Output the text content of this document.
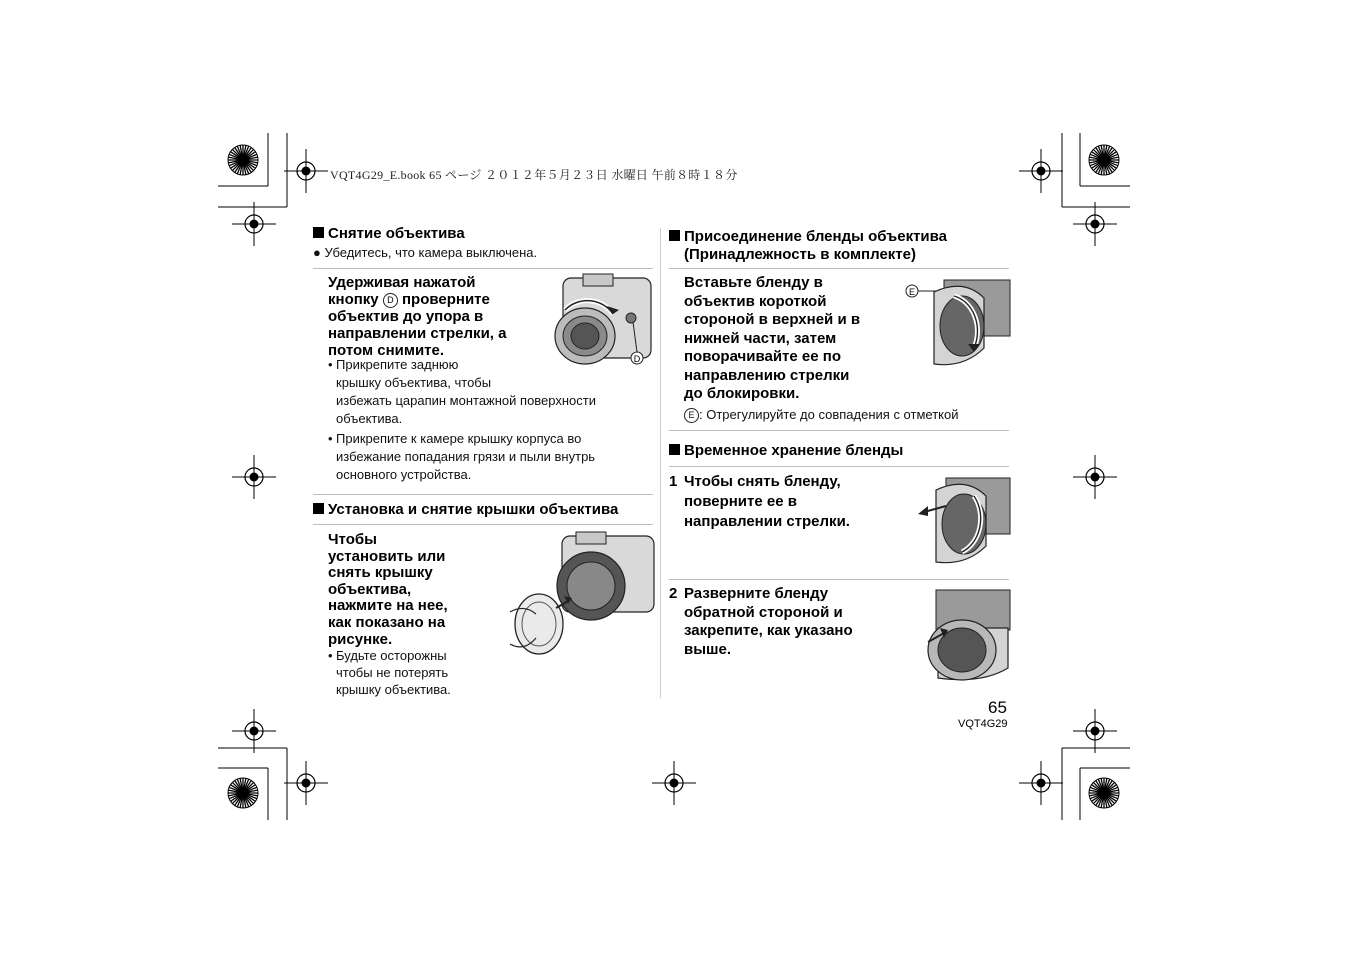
VQT4G29_E.book 65 ページ ２０１２年５月２３日 水曜日 午前８時１８分
Снятие объектива
● Убедитесь, что камера выключена.
Удерживая нажатой
кнопку D проверните
объектив до упора в
направлении стрелки, а
потом снимите.
• Прикрепите заднюю
крышку объектива, чтобы
избежать царапин монтажной поверхности
объектива.
• Прикрепите к камере крышку корпуса во
избежание попадания грязи и пыли внутрь
основного устройства.
D
Установка и снятие крышки объектива
Чтобы
установить или
снять крышку
объектива,
нажмите на нее,
как показано на
рисунке.
• Будьте осторожны
чтобы не потерять
крышку объектива.
Присоединение бленды объектива
(Принадлежность в комплекте)
Вставьте бленду в
объектив короткой
стороной в верхней и в
нижней части, затем
поворачивайте ее по
направлению стрелки
до блокировки.
E : Отрегулируйте до совпадения с отметкой
E
Временное хранение бленды
1 Чтобы снять бленду,
поверните ее в
направлении стрелки.
2 Разверните бленду
обратной стороной и
закрепите, как указано
выше.
65
VQT4G29
